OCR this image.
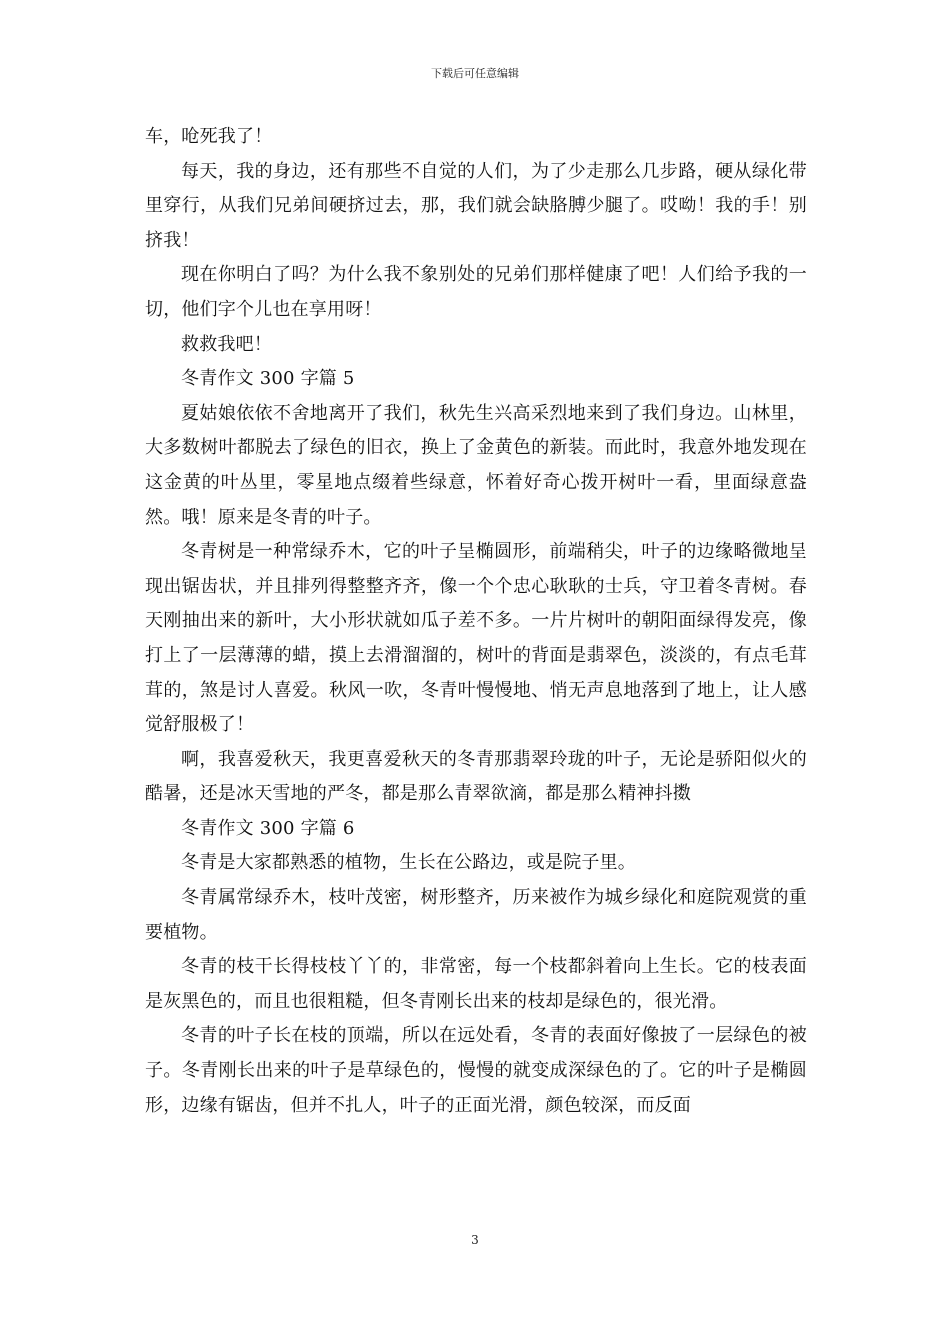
下载后可任意编辑

车，呛死我了！

每天，我的身边，还有那些不自觉的人们，为了少走那么几步路，硬从绿化带里穿行，从我们兄弟间硬挤过去，那，我们就会缺胳膊少腿了。哎呦！我的手！别挤我！

现在你明白了吗？为什么我不象别处的兄弟们那样健康了吧！人们给予我的一切，他们字个儿也在享用呀！

救救我吧！

冬青作文 300 字篇 5

夏姑娘依依不舍地离开了我们，秋先生兴高采烈地来到了我们身边。山林里，大多数树叶都脱去了绿色的旧衣，换上了金黄色的新装。而此时，我意外地发现在这金黄的叶丛里，零星地点缀着些绿意，怀着好奇心拨开树叶一看，里面绿意盎然。哦！原来是冬青的叶子。

冬青树是一种常绿乔木，它的叶子呈椭圆形，前端稍尖，叶子的边缘略微地呈现出锯齿状，并且排列得整整齐齐，像一个个忠心耿耿的士兵，守卫着冬青树。春天刚抽出来的新叶，大小形状就如瓜子差不多。一片片树叶的朝阳面绿得发亮，像打上了一层薄薄的蜡，摸上去滑溜溜的，树叶的背面是翡翠色，淡淡的，有点毛茸茸的，煞是讨人喜爱。秋风一吹，冬青叶慢慢地、悄无声息地落到了地上，让人感觉舒服极了！

啊，我喜爱秋天，我更喜爱秋天的冬青那翡翠玲珑的叶子，无论是骄阳似火的酷暑，还是冰天雪地的严冬，都是那么青翠欲滴，都是那么精神抖擞

冬青作文 300 字篇 6

冬青是大家都熟悉的植物，生长在公路边，或是院子里。

冬青属常绿乔木，枝叶茂密，树形整齐，历来被作为城乡绿化和庭院观赏的重要植物。

冬青的枝干长得枝枝丫丫的，非常密，每一个枝都斜着向上生长。它的枝表面是灰黑色的，而且也很粗糙，但冬青刚长出来的枝却是绿色的，很光滑。

冬青的叶子长在枝的顶端，所以在远处看，冬青的表面好像披了一层绿色的被子。冬青刚长出来的叶子是草绿色的，慢慢的就变成深绿色的了。它的叶子是椭圆形，边缘有锯齿，但并不扎人，叶子的正面光滑，颜色较深，而反面

3
